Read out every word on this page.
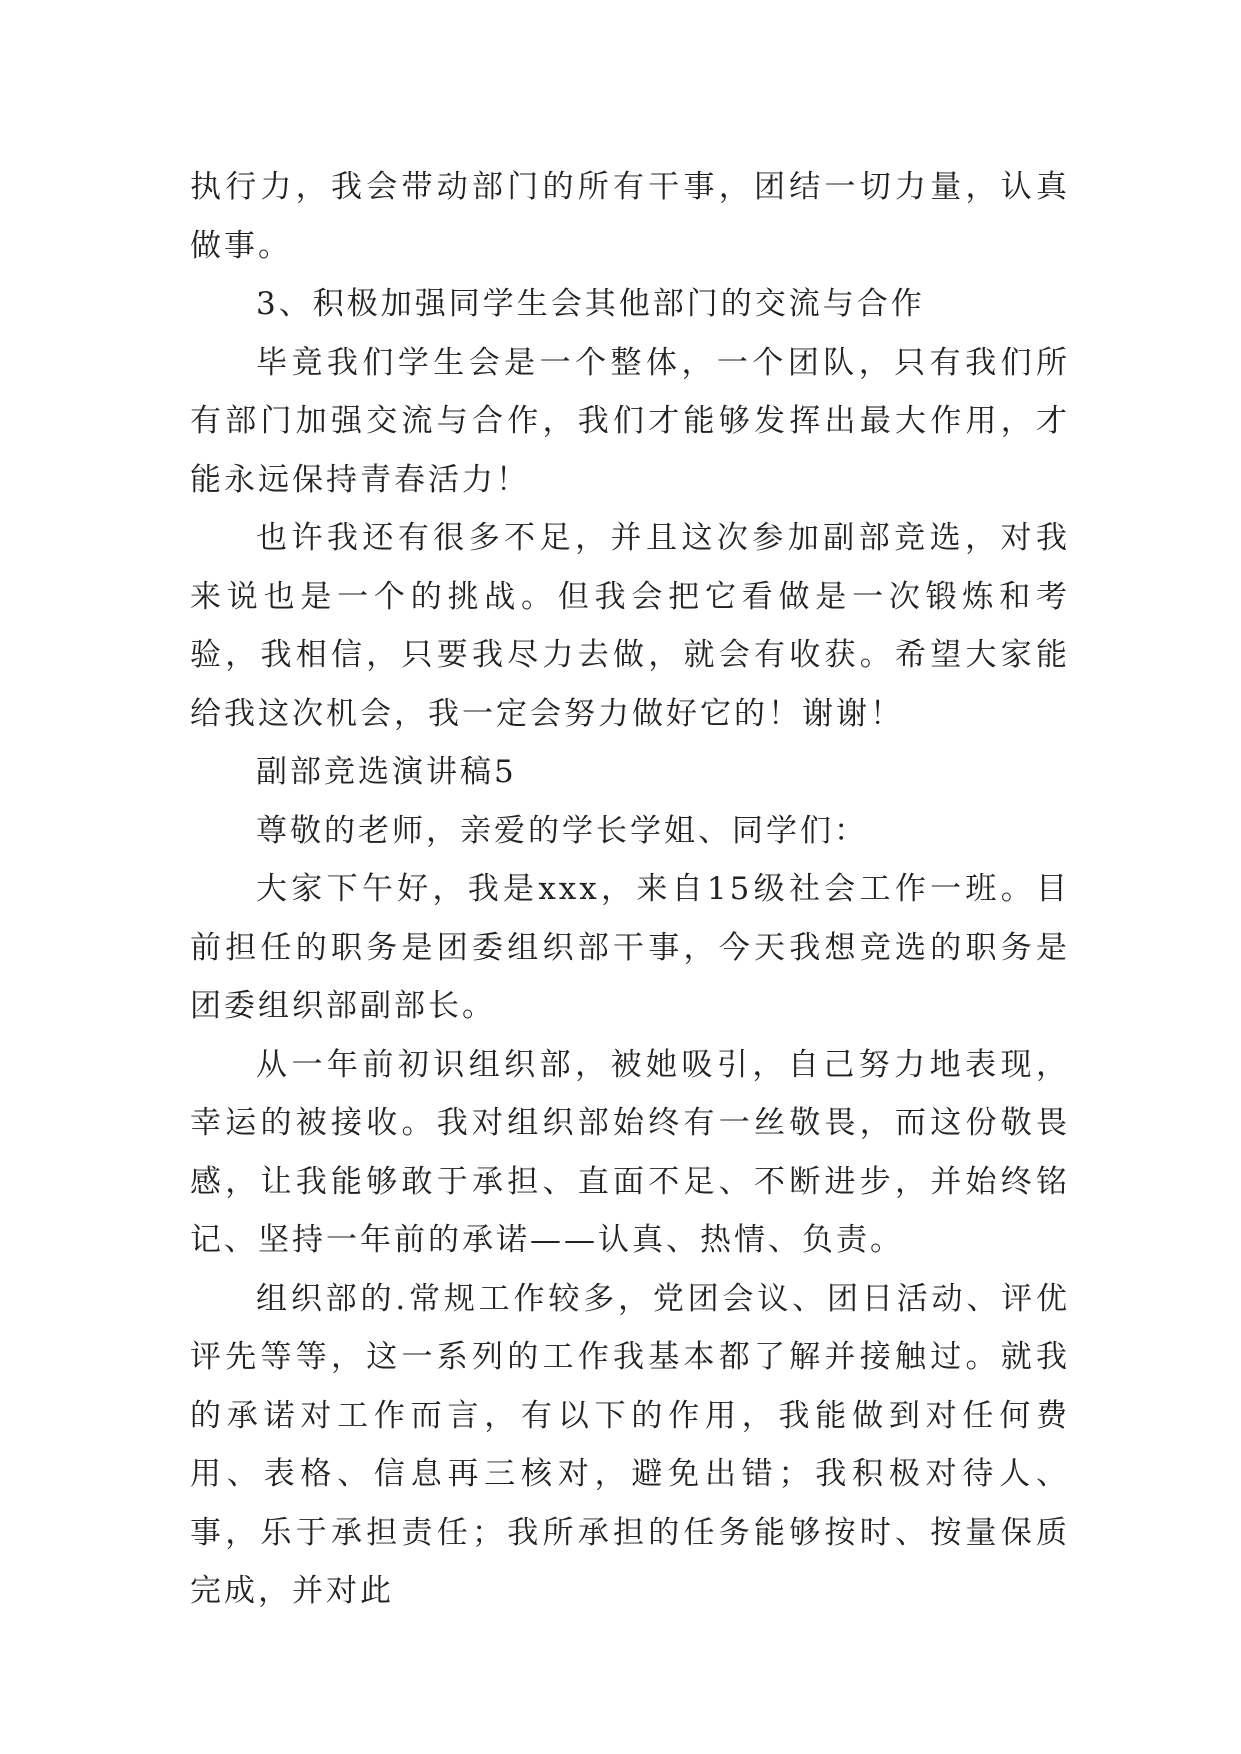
执行力，我会带动部门的所有干事，团结一切力量，认真做事。

3、积极加强同学生会其他部门的交流与合作

毕竟我们学生会是一个整体，一个团队，只有我们所有部门加强交流与合作，我们才能够发挥出最大作用，才能永远保持青春活力！

也许我还有很多不足，并且这次参加副部竞选，对我来说也是一个的挑战。但我会把它看做是一次锻炼和考验，我相信，只要我尽力去做，就会有收获。希望大家能给我这次机会，我一定会努力做好它的！谢谢！

副部竞选演讲稿5

尊敬的老师，亲爱的学长学姐、同学们：

大家下午好，我是xxx，来自15级社会工作一班。目前担任的职务是团委组织部干事，今天我想竞选的职务是团委组织部副部长。

从一年前初识组织部，被她吸引，自己努力地表现，幸运的被接收。我对组织部始终有一丝敬畏，而这份敬畏感，让我能够敢于承担、直面不足、不断进步，并始终铭记、坚持一年前的承诺——认真、热情、负责。

组织部的.常规工作较多，党团会议、团日活动、评优评先等等，这一系列的工作我基本都了解并接触过。就我的承诺对工作而言，有以下的作用，我能做到对任何费用、表格、信息再三核对，避免出错；我积极对待人、事，乐于承担责任；我所承担的任务能够按时、按量保质完成，并对此
